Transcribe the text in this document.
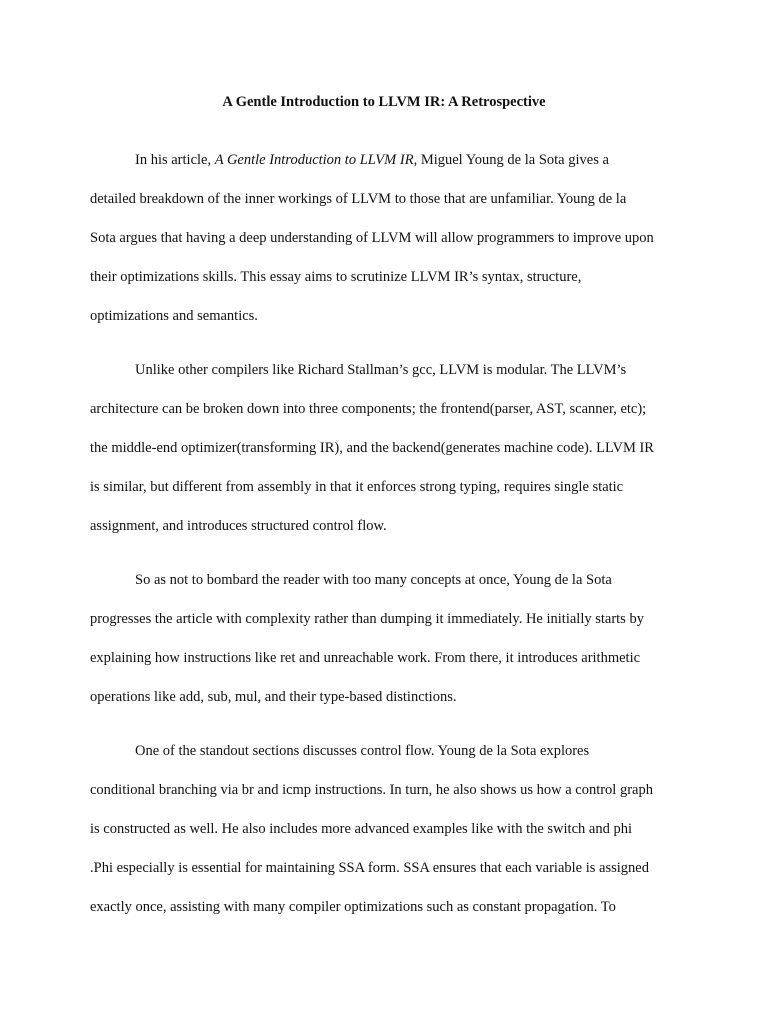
A Gentle Introduction to LLVM IR: A Retrospective
In his article, A Gentle Introduction to LLVM IR, Miguel Young de la Sota gives a
detailed breakdown of the inner workings of LLVM to those that are unfamiliar. Young de la
Sota argues that having a deep understanding of LLVM will allow programmers to improve upon
their optimizations skills. This essay aims to scrutinize LLVM IR’s syntax, structure,
optimizations and semantics.
Unlike other compilers like Richard Stallman’s gcc, LLVM is modular. The LLVM’s
architecture can be broken down into three components; the frontend(parser, AST, scanner, etc);
the middle-end optimizer(transforming IR), and the backend(generates machine code). LLVM IR
is similar, but different from assembly in that it enforces strong typing, requires single static
assignment, and introduces structured control flow.
So as not to bombard the reader with too many concepts at once, Young de la Sota
progresses the article with complexity rather than dumping it immediately. He initially starts by
explaining how instructions like ret and unreachable work. From there, it introduces arithmetic
operations like add, sub, mul, and their type-based distinctions.
One of the standout sections discusses control flow. Young de la Sota explores
conditional branching via br and icmp instructions. In turn, he also shows us how a control graph
is constructed as well. He also includes more advanced examples like with the switch and phi
.Phi especially is essential for maintaining SSA form. SSA ensures that each variable is assigned
exactly once, assisting with many compiler optimizations such as constant propagation. To
